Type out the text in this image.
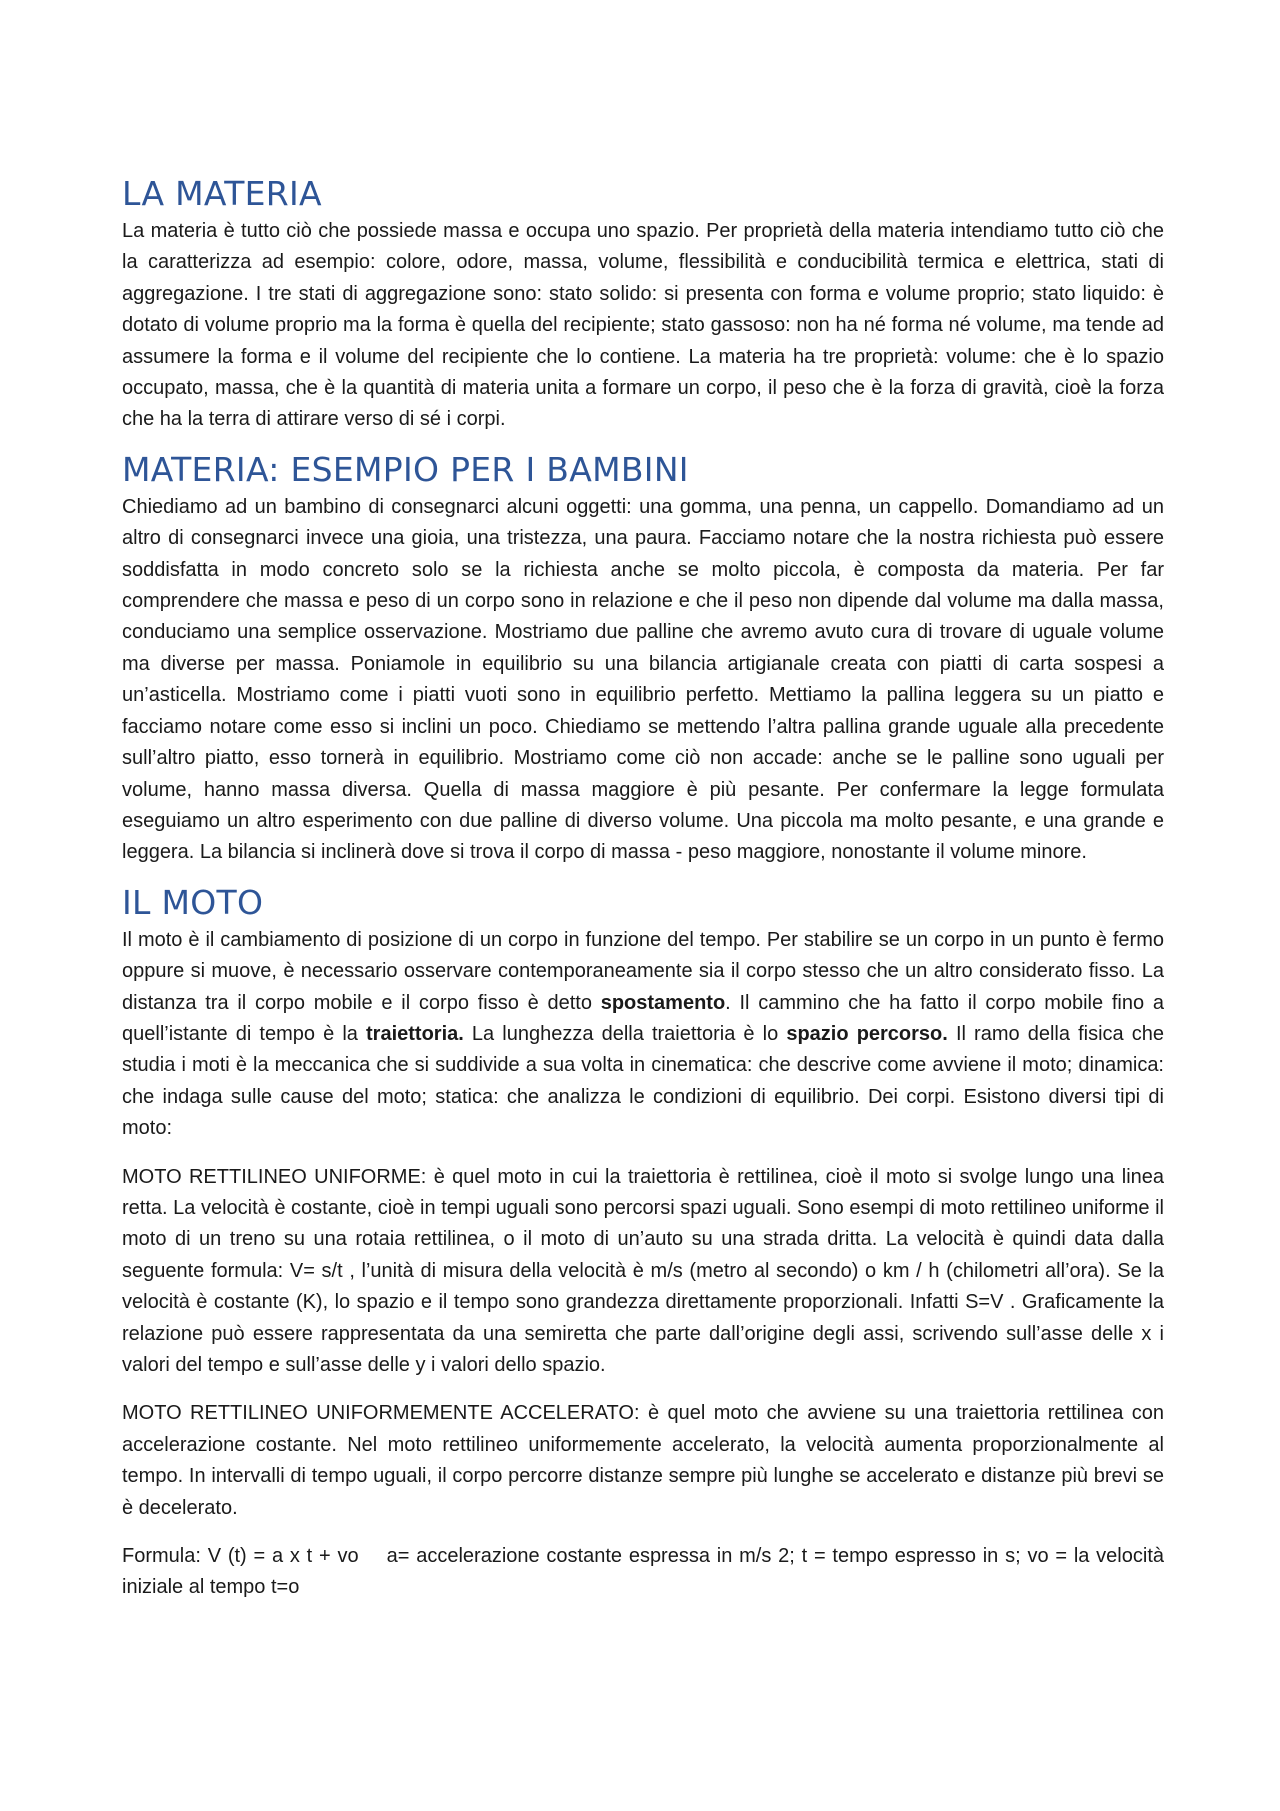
LA MATERIA

La materia è tutto ciò che possiede massa e occupa uno spazio. Per proprietà della materia intendiamo tutto ciò che la caratterizza ad esempio: colore, odore, massa, volume, flessibilità e conducibilità termica e elettrica, stati di aggregazione. I tre stati di aggregazione sono: stato solido: si presenta con forma e volume proprio; stato liquido: è dotato di volume proprio ma la forma è quella del recipiente; stato gassoso: non ha né forma né volume, ma tende ad assumere la forma e il volume del recipiente che lo contiene. La materia ha tre proprietà: volume: che è lo spazio occupato, massa, che è la quantità di materia unita a formare un corpo, il peso che è la forza di gravità, cioè la forza che ha la terra di attirare verso di sé i corpi.

MATERIA: ESEMPIO PER I BAMBINI

Chiediamo ad un bambino di consegnarci alcuni oggetti: una gomma, una penna, un cappello. Domandiamo ad un altro di consegnarci invece una gioia, una tristezza, una paura. Facciamo notare che la nostra richiesta può essere soddisfatta in modo concreto solo se la richiesta anche se molto piccola, è composta da materia. Per far comprendere che massa e peso di un corpo sono in relazione e che il peso non dipende dal volume ma dalla massa, conduciamo una semplice osservazione. Mostriamo due palline che avremo avuto cura di trovare di uguale volume ma diverse per massa. Poniamole in equilibrio su una bilancia artigianale creata con piatti di carta sospesi a un’asticella. Mostriamo come i piatti vuoti sono in equilibrio perfetto. Mettiamo la pallina leggera su un piatto e facciamo notare come esso si inclini un poco. Chiediamo se mettendo l’altra pallina grande uguale alla precedente sull’altro piatto, esso tornerà in equilibrio. Mostriamo come ciò non accade: anche se le palline sono uguali per volume, hanno massa diversa. Quella di massa maggiore è più pesante. Per confermare la legge formulata eseguiamo un altro esperimento con due palline di diverso volume. Una piccola ma molto pesante, e una grande e leggera. La bilancia si inclinerà dove si trova il corpo di massa - peso maggiore, nonostante il volume minore.

IL MOTO

Il moto è il cambiamento di posizione di un corpo in funzione del tempo. Per stabilire se un corpo in un punto è fermo oppure si muove, è necessario osservare contemporaneamente sia il corpo stesso che un altro considerato fisso. La distanza tra il corpo mobile e il corpo fisso è detto spostamento. Il cammino che ha fatto il corpo mobile fino a quell’istante di tempo è la traiettoria. La lunghezza della traiettoria è lo spazio percorso. Il ramo della fisica che studia i moti è la meccanica che si suddivide a sua volta in cinematica: che descrive come avviene il moto; dinamica: che indaga sulle cause del moto; statica: che analizza le condizioni di equilibrio. Dei corpi. Esistono diversi tipi di moto:

MOTO RETTILINEO UNIFORME: è quel moto in cui la traiettoria è rettilinea, cioè il moto si svolge lungo una linea retta. La velocità è costante, cioè in tempi uguali sono percorsi spazi uguali. Sono esempi di moto rettilineo uniforme il moto di un treno su una rotaia rettilinea, o il moto di un’auto su una strada dritta. La velocità è quindi data dalla seguente formula: V= s/t , l’unità di misura della velocità è m/s (metro al secondo) o km / h (chilometri all’ora). Se la velocità è costante (K), lo spazio e il tempo sono grandezza direttamente proporzionali. Infatti S=V . Graficamente la relazione può essere rappresentata da una semiretta che parte dall’origine degli assi, scrivendo sull’asse delle x i valori del tempo e sull’asse delle y i valori dello spazio.

MOTO RETTILINEO UNIFORMEMENTE ACCELERATO: è quel moto che avviene su una traiettoria rettilinea con accelerazione costante. Nel moto rettilineo uniformemente accelerato, la velocità aumenta proporzionalmente al tempo. In intervalli di tempo uguali, il corpo percorre distanze sempre più lunghe se accelerato e distanze più brevi se è decelerato.

Formula: V (t) = a x t + vo a= accelerazione costante espressa in m/s 2; t = tempo espresso in s; vo = la velocità iniziale al tempo t=o
